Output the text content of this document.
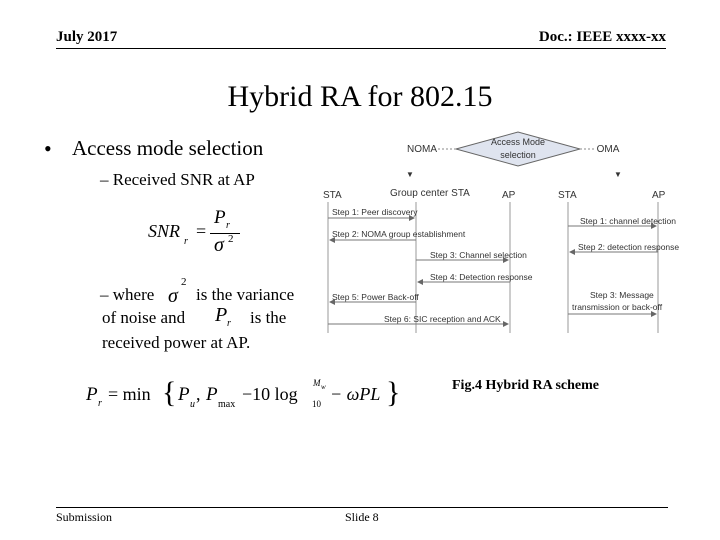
July 2017	Doc.: IEEE xxxx-xx
Hybrid RA for 802.15
• Access mode selection
– Received SNR at AP
SNR
r
=
P r
σ 2
– where σ
2
is the variance
of noise and P r is the
received power at AP.
P r = min { P u
, P max
−10 log 10
M w − ωPL }
Access Mode
selection
NOMA	OMA
▼	▼
STA	Group center STA	AP	STA	AP
Step 1: Peer discovery
Step 2: NOMA group establishment
Step 3: Channel selection
Step 4: Detection response
Step 5: Power Back-off
Step 6: SIC reception and ACK
Step 1: channel detection
Step 2: detection response
Step 3: Message
transmission or back-off
Fig.4 Hybrid RA scheme
Submission	Slide 8
